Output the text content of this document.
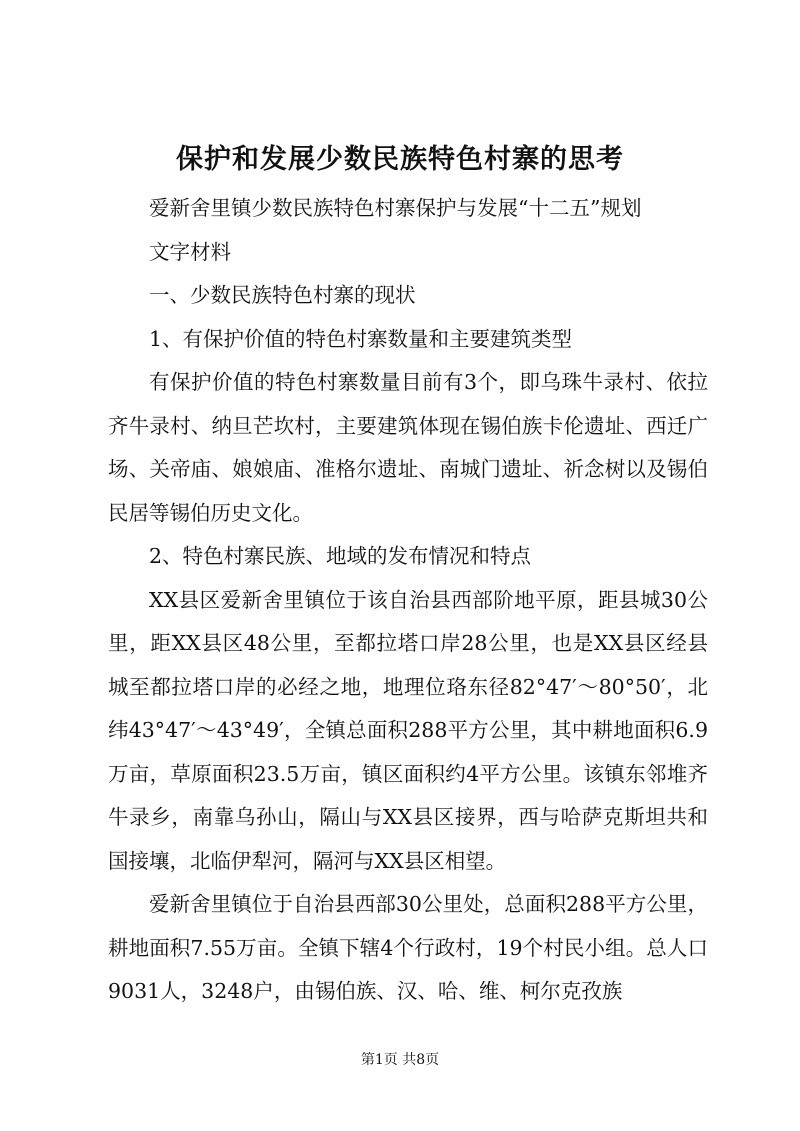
保护和发展少数民族特色村寨的思考

爱新舍里镇少数民族特色村寨保护与发展“十二五”规划

文字材料

一、少数民族特色村寨的现状

1、有保护价值的特色村寨数量和主要建筑类型

有保护价值的特色村寨数量目前有3个，即乌珠牛录村、依拉齐牛录村、纳旦芒坎村，主要建筑体现在锡伯族卡伦遗址、西迁广场、关帝庙、娘娘庙、准格尔遗址、南城门遗址、祈念树以及锡伯民居等锡伯历史文化。

2、特色村寨民族、地域的发布情况和特点

XX县区爱新舍里镇位于该自治县西部阶地平原，距县城30公里，距XX县区48公里，至都拉塔口岸28公里，也是XX县区经县城至都拉塔口岸的必经之地，地理位珞东径82°47′～80°50′，北纬43°47′～43°49′，全镇总面积288平方公里，其中耕地面积6.9万亩，草原面积23.5万亩，镇区面积约4平方公里。该镇东邻堆齐牛录乡，南靠乌孙山，隔山与XX县区接界，西与哈萨克斯坦共和国接壤，北临伊犁河，隔河与XX县区相望。

爱新舍里镇位于自治县西部30公里处，总面积288平方公里，耕地面积7.55万亩。全镇下辖4个行政村，19个村民小组。总人口9031人，3248户，由锡伯族、汉、哈、维、柯尔克孜族

第1页 共8页
